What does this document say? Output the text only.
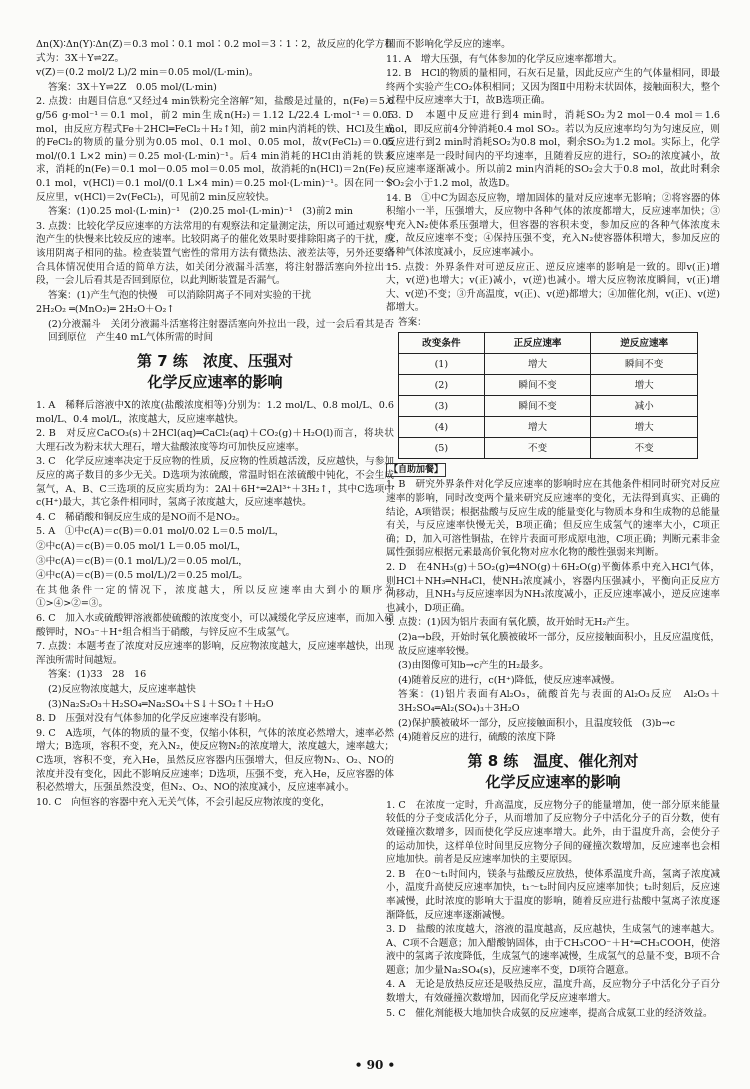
Δn(X)∶Δn(Y)∶Δn(Z)＝0.3 mol∶0.1 mol∶0.2 mol＝3∶1∶2，故反应的化学方程式为：3X＋Y⇌2Z。
v(Z)＝(0.2 mol/2 L)/2 min＝0.05 mol/(L·min)。
答案：3X＋Y⇌2Z　0.05 mol/(L·min)
2. 点拨：由题目信息“又经过4 min铁粉完全溶解”知，盐酸是过量的，n(Fe)＝5.6 g/56 g·mol⁻¹＝0.1 mol，前2 min生成n(H₂)＝1.12 L/22.4 L·mol⁻¹＝0.05 mol，由反应方程式Fe＋2HCl═FeCl₂＋H₂↑知，前2 min内消耗的铁、HCl及生成的FeCl₂的物质的量分别为0.05 mol、0.1 mol、0.05 mol，故v(FeCl₂)＝0.05 mol/(0.1 L×2 min)＝0.25 mol·(L·min)⁻¹。后4 min消耗的HCl由消耗的铁来求，消耗的n(Fe)＝0.1 mol－0.05 mol＝0.05 mol，故消耗的n(HCl)＝2n(Fe)＝0.1 mol，v(HCl)＝0.1 mol/(0.1 L×4 min)＝0.25 mol·(L·min)⁻¹。因在同一个反应里，v(HCl)＝2v(FeCl₂)，可见前2 min反应较快。
答案：(1)0.25 mol·(L·min)⁻¹　(2)0.25 mol·(L·min)⁻¹　(3)前2 min
3. 点拨：比较化学反应速率的方法常用的有观察法和定量测定法，所以可通过观察气泡产生的快慢来比较反应的速率。比较阴离子的催化效果时要排除阳离子的干扰，应该用阴离子相同的盐。检查装置气密性的常用方法有微热法、液差法等，另外还要结合具体情况使用合适的简单方法，如关闭分液漏斗活塞，将注射器活塞向外拉出一段，一会儿后看其是否回到原位，以此判断装置是否漏气。
答案：(1)产生气泡的快慢　可以消除阴离子不同对实验的干扰
2H₂O₂ ═(MnO₂)═ 2H₂O＋O₂↑
(2)分液漏斗　关闭分液漏斗活塞将注射器活塞向外拉出一段，过一会后看其是否回到原位　产生40 mL气体所需的时间
第 7 练　浓度、压强对
化学反应速率的影响
1. A　稀释后溶液中X的浓度(盐酸浓度相等)分别为：1.2 mol/L、0.8 mol/L、0.6 mol/L、0.4 mol/L，浓度越大，反应速率越快。
2. B　对反应CaCO₃(s)＋2HCl(aq)═CaCl₂(aq)＋CO₂(g)＋H₂O(l)而言，将块状大理石改为粉末状大理石，增大盐酸浓度等均可加快反应速率。
3. C　化学反应速率决定于反应物的性质，反应物的性质越活泼，反应越快，与参加反应的离子数目的多少无关。D选项为浓硫酸，常温时铝在浓硫酸中钝化，不会生成氢气，A、B、C三选项的反应实质均为：2Al＋6H⁺═2Al³⁺＋3H₂↑，其中C选项中c(H⁺)最大，其它条件相同时，氢离子浓度越大，反应速率越快。
4. C　稀硝酸和铜反应生成的是NO而不是NO₂。
5. A　①中c(A)＝c(B)＝0.01 mol/0.02 L＝0.5 mol/L，
②中c(A)＝c(B)＝0.05 mol/1 L＝0.05 mol/L，
③中c(A)＝c(B)＝(0.1 mol/L)/2＝0.05 mol/L，
④中c(A)＝c(B)＝(0.5 mol/L)/2＝0.25 mol/L。
在其他条件一定的情况下，浓度越大，所以反应速率由大到小的顺序为①>④>②=③。
6. C　加入水或硫酸钾溶液都使硫酸的浓度变小，可以减缓化学反应速率，而加入硝酸钾时，NO₃⁻＋H⁺组合相当于硝酸，与锌反应不生成氢气。
7. 点拨：本题考查了浓度对反应速率的影响，反应物浓度越大，反应速率越快，出现浑浊所需时间越短。
答案：(1)33　28　16
(2)反应物浓度越大，反应速率越快
(3)Na₂S₂O₃＋H₂SO₄═Na₂SO₄＋S↓＋SO₂↑＋H₂O
8. D　压强对没有气体参加的化学反应速率没有影响。
9. C　A选项，气体的物质的量不变，仅缩小体积，气体的浓度必然增大，速率必然增大；B选项，容积不变，充入N₂，使反应物N₂的浓度增大，浓度越大，速率越大；C选项，容积不变，充入He，虽然反应容器内压强增大，但反应物N₂、O₂、NO的浓度并没有变化，因此不影响反应速率；D选项，压强不变，充入He，反应容器的体积必然增大，压强虽然没变，但N₂、O₂、NO的浓度减小，反应速率减小。
10. C　向恒容的容器中充入无关气体，不会引起反应物浓度的变化，
因而不影响化学反应的速率。
11. A　增大压强，有气体参加的化学反应速率都增大。
12. B　HCl的物质的量相同，石灰石足量，因此反应产生的气体量相同，即最终两个实验产生CO₂体积相同；又因为图Ⅱ中用粉末状固体，接触面积大，整个过程中反应速率大于Ⅰ，故B选项正确。
13. D　本题中反应进行到4 min时，消耗SO₂为2 mol－0.4 mol＝1.6 mol，即反应前4分钟消耗0.4 mol SO₂。若以为反应速率均匀为匀速反应，则反应进行到2 min时消耗SO₂为0.8 mol，剩余SO₂为1.2 mol。实际上，化学反应速率是一段时间内的平均速率，且随着反应的进行，SO₂的浓度减小，故反应速率逐渐减小。所以前2 min内消耗的SO₂会大于0.8 mol，故此时剩余SO₂会小于1.2 mol，故选D。
14. B　①中C为固态反应物，增加固体的量对反应速率无影响；②将容器的体积缩小一半，压强增大，反应物中各种气体的浓度都增大，反应速率加快；③中充入N₂使体系压强增大，但容器的容积未变，参加反应的各种气体浓度未变，故反应速率不变；④保持压强不变，充入N₂使容器体积增大，参加反应的各种气体浓度减小，反应速率减小。
15. 点拨：外界条件对可逆反应正、逆反应速率的影响是一致的。即v(正)增大，v(逆)也增大；v(正)减小，v(逆)也减小。增大反应物浓度瞬间，v(正)增大、v(逆)不变；③升高温度，v(正)、v(逆)都增大；④加催化剂，v(正)、v(逆)都增大。
答案：
改变条件	正反应速率	逆反应速率
(1)	增大	瞬间不变
(2)	瞬间不变	增大
(3)	瞬间不变	减小
(4)	增大	增大
(5)	不变	不变
【自助加餐】
1. B　研究外界条件对化学反应速率的影响时应在其他条件相同时研究对反应速率的影响，同时改变两个量来研究反应速率的变化，无法得到真实、正确的结论，A项错误；根据盐酸与反应生成的能量变化与物质本身和生成物的总能量有关，与反应速率快慢无关，B项正确；但反应生成氢气的速率大小，C项正确；D，加入可溶性铜盐，在锌片表面可形成原电池，C项正确；判断元素非金属性强弱应根据元素最高价氧化物对应水化物的酸性强弱来判断。
2. D　在4NH₃(g)＋5O₂(g)═4NO(g)＋6H₂O(g)平衡体系中充入HCl气体，则HCl＋NH₃═NH₄Cl，使NH₃浓度减小，容器内压强减小，平衡向正反应方向移动，且NH₃与反应速率因为NH₃浓度减小，正反应速率减小，逆反应速率也减小，D项正确。
3. 点拨：(1)因为铝片表面有氧化膜，故开始时无H₂产生。
(2)a→b段，开始时氧化膜被破坏一部分，反应接触面积小，且反应温度低，故反应速率较慢。
(3)由图像可知b→c产生的H₂最多。
(4)随着反应的进行，c(H⁺)降低，使反应速率减慢。
答案：(1)铝片表面有Al₂O₃，硫酸首先与表面的Al₂O₃反应　Al₂O₃＋3H₂SO₄═Al₂(SO₄)₃＋3H₂O
(2)保护膜被破坏一部分，反应接触面积小，且温度较低　(3)b→c
(4)随着反应的进行，硫酸的浓度下降
第 8 练　温度、催化剂对
化学反应速率的影响
1. C　在浓度一定时，升高温度，反应物分子的能量增加，使一部分原来能量较低的分子变成活化分子，从而增加了反应物分子中活化分子的百分数，使有效碰撞次数增多，因而使化学反应速率增大。此外，由于温度升高，会使分子的运动加快，这样单位时间里反应物分子间的碰撞次数增加，反应速率也会相应地加快。前者是反应速率加快的主要原因。
2. B　在0～t₁时间内，镁条与盐酸反应放热，使体系温度升高，氢离子浓度减小，温度升高使反应速率加快，t₁～t₂时间内反应速率加快；t₂时刻后，反应速率减慢，此时浓度的影响大于温度的影响，随着反应进行盐酸中氢离子浓度逐渐降低，反应速率逐渐减慢。
3. D　盐酸的浓度越大，溶液的温度越高，反应越快，生成氢气的速率越大。A、C项不合题意；加入醋酸钠固体，由于CH₃COO⁻＋H⁺═CH₃COOH，使溶液中的氢离子浓度降低，生成氢气的速率减慢，生成氢气的总量不变，B项不合题意；加少量Na₂SO₄(s)，反应速率不变，D项符合题意。
4. A　无论是放热反应还是吸热反应，温度升高，反应物分子中活化分子百分数增大，有效碰撞次数增加，因而化学反应速率增大。
5. C　催化剂能极大地加快合成氨的反应速率，提高合成氨工业的经济效益。
• 90 •
